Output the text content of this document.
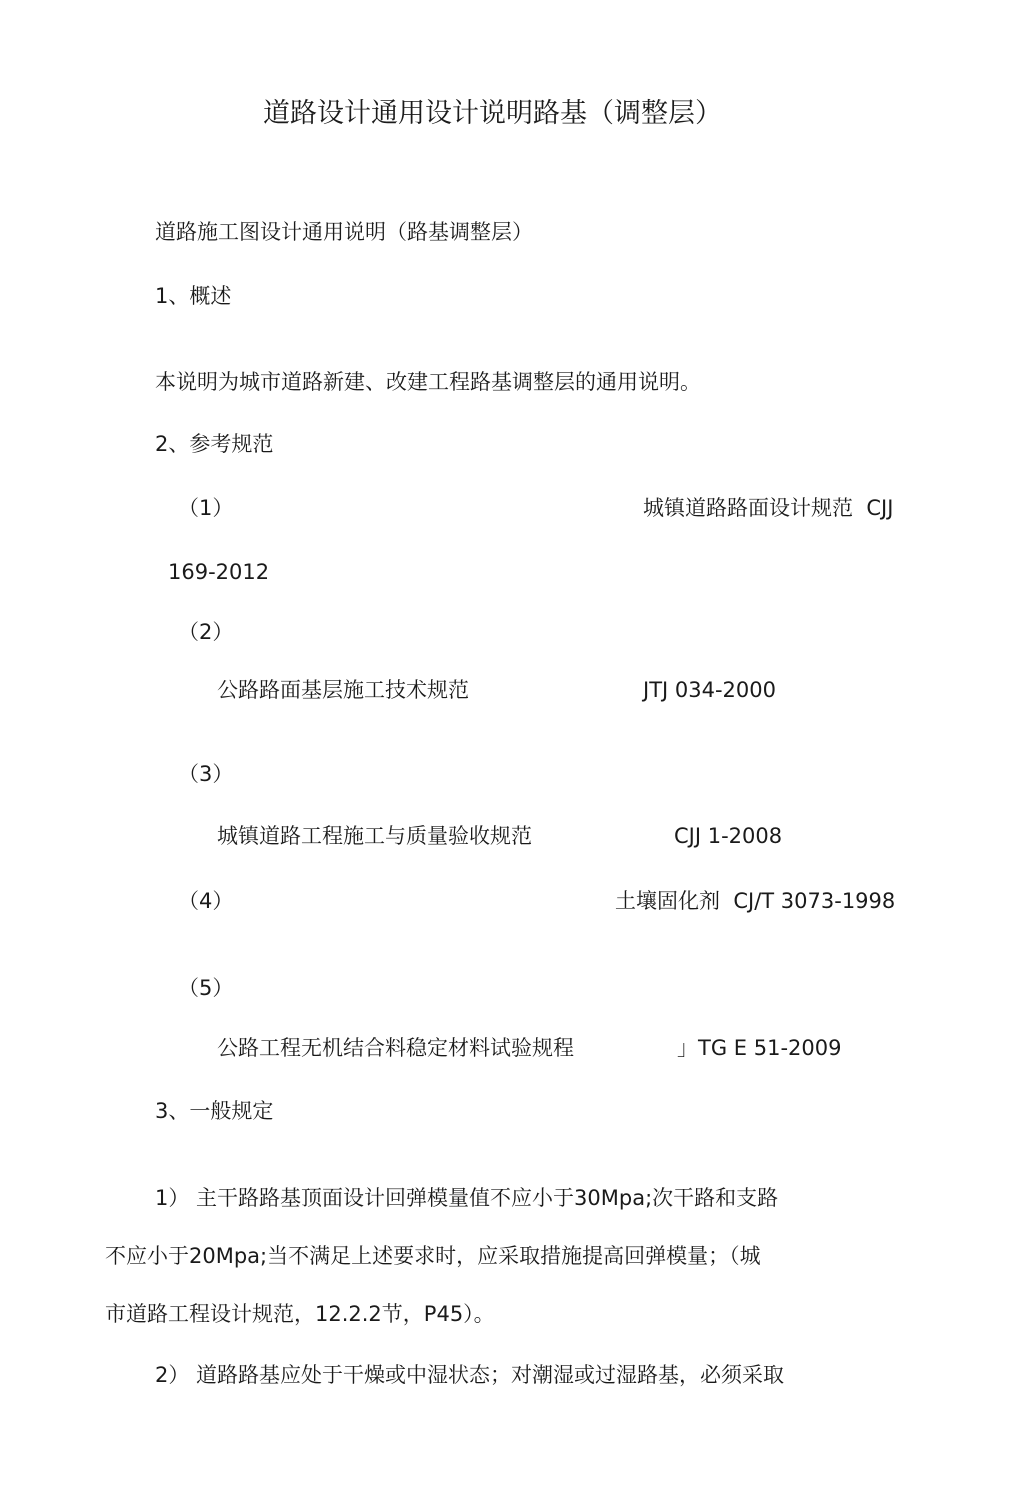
道路设计通用设计说明路基（调整层）
道路施工图设计通用说明（路基调整层）
1、概述
本说明为城市道路新建、改建工程路基调整层的通用说明。
2、参考规范
（1）	城镇道路路面设计规范 CJJ
169-2012
（2）
公路路面基层施工技术规范	JTJ 034-2000
（3）
城镇道路工程施工与质量验收规范	CJJ 1-2008
（4）	土壤固化剂 CJ/T 3073-1998
（5）
公路工程无机结合料稳定材料试验规程	」TG E 51-2009
3、一般规定
1） 主干路路基顶面设计回弹模量值不应小于30Mpa;次干路和支路
不应小于20Mpa;当不满足上述要求时，应采取措施提高回弹模量；（城
市道路工程设计规范，12.2.2节，P45）。
2） 道路路基应处于干燥或中湿状态；对潮湿或过湿路基，必须采取
